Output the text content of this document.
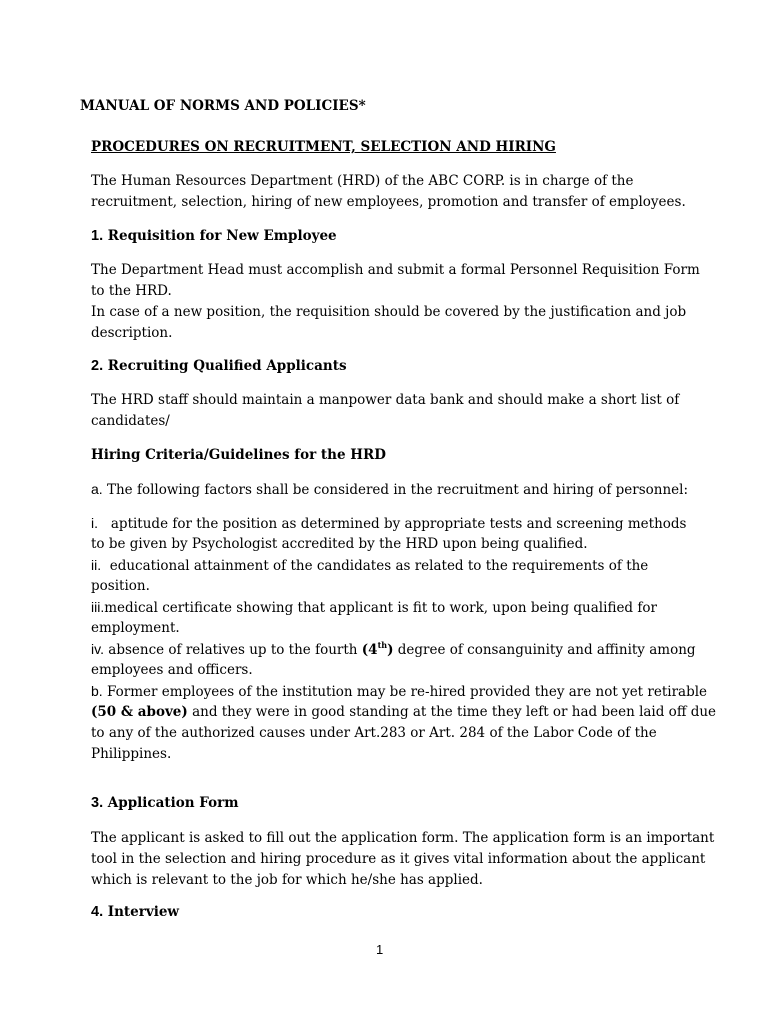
MANUAL OF NORMS AND POLICIES*
PROCEDURES ON RECRUITMENT, SELECTION AND HIRING
The Human Resources Department (HRD) of the ABC CORP. is in charge of the
recruitment, selection, hiring of new employees, promotion and transfer of employees.
1. Requisition for New Employee
The Department Head must accomplish and submit a formal Personnel Requisition Form
to the HRD.
In case of a new position, the requisition should be covered by the justification and job
description.
2. Recruiting Qualified Applicants
The HRD staff should maintain a manpower data bank and should make a short list of
candidates/
Hiring Criteria/Guidelines for the HRD
a. The following factors shall be considered in the recruitment and hiring of personnel:
i. aptitude for the position as determined by appropriate tests and screening methods
to be given by Psychologist accredited by the HRD upon being qualified.
ii. educational attainment of the candidates as related to the requirements of the
position.
iii.medical certificate showing that applicant is fit to work, upon being qualified for
employment.
iv. absence of relatives up to the fourth (4th) degree of consanguinity and affinity among
employees and officers.
b. Former employees of the institution may be re-hired provided they are not yet retirable
(50 & above) and they were in good standing at the time they left or had been laid off due
to any of the authorized causes under Art.283 or Art. 284 of the Labor Code of the
Philippines.
3. Application Form
The applicant is asked to fill out the application form. The application form is an important
tool in the selection and hiring procedure as it gives vital information about the applicant
which is relevant to the job for which he/she has applied.
4. Interview
1
